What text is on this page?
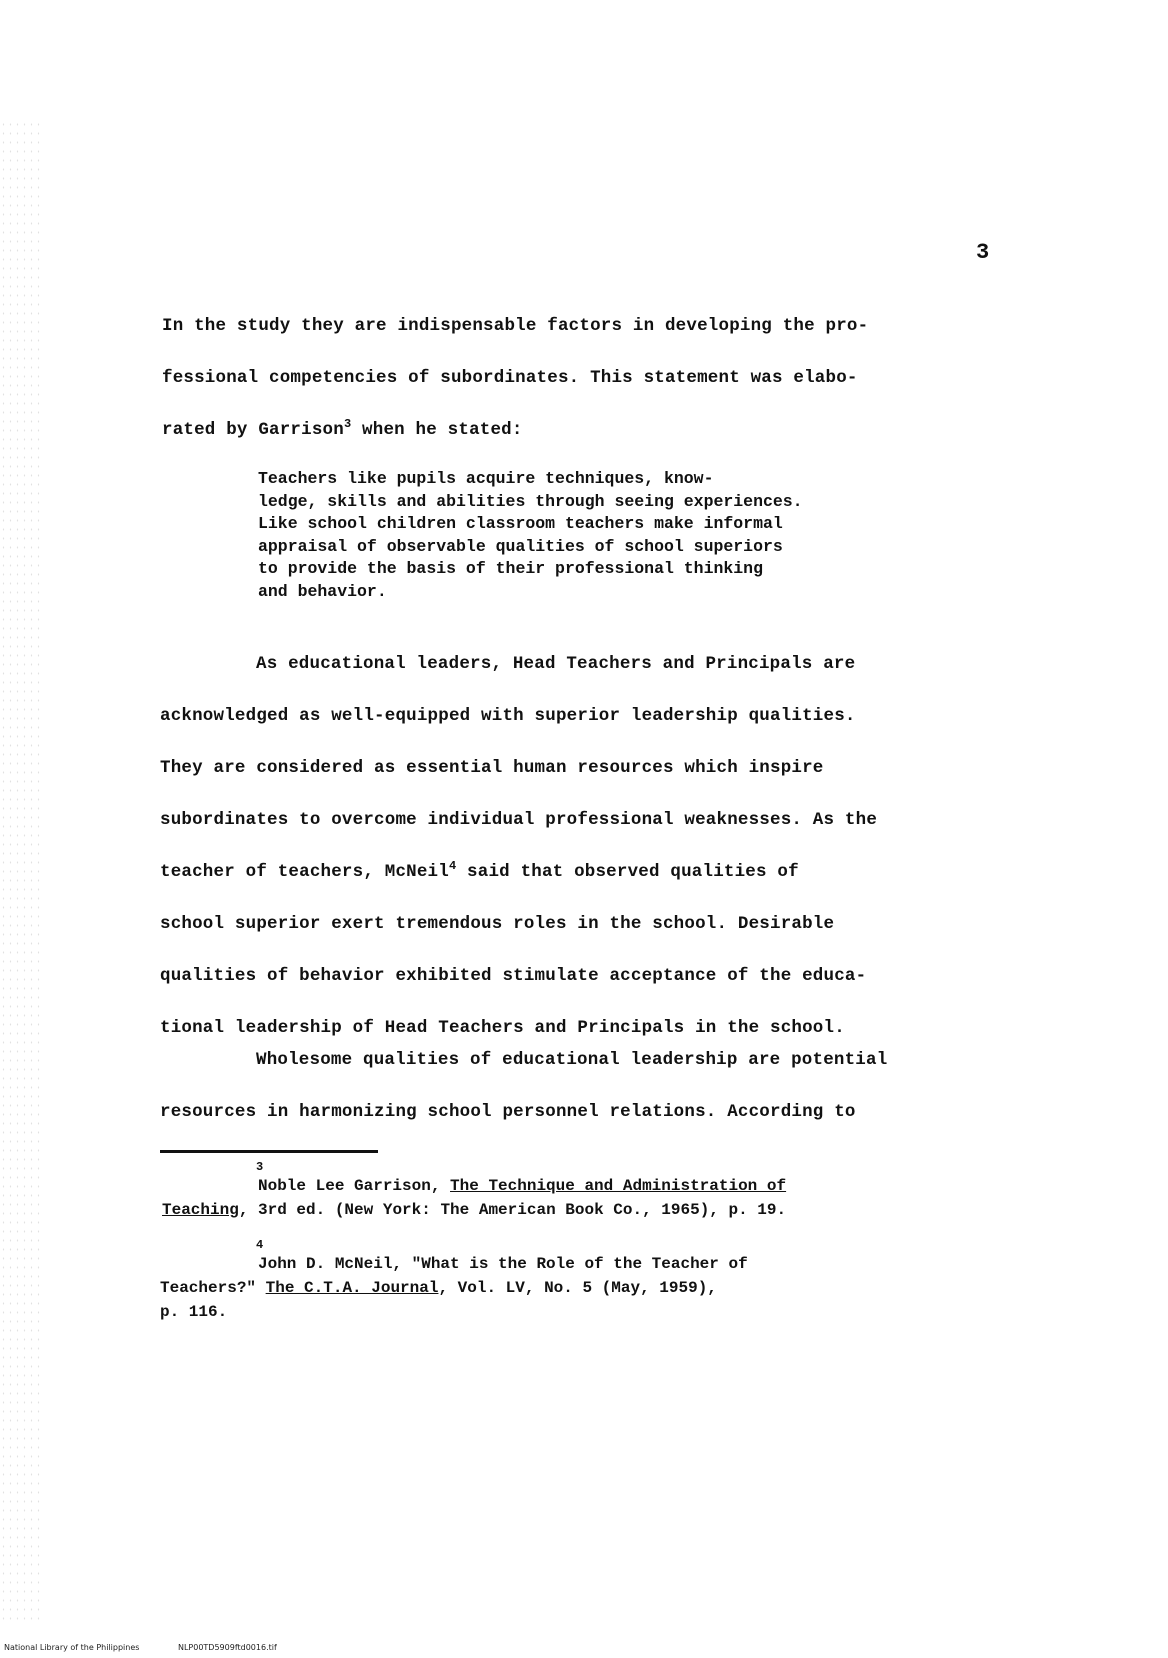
3
In the study they are indispensable factors in developing the pro-
fessional competencies of subordinates. This statement was elabo-
rated by Garrison$^3$ when he stated:
Teachers like pupils acquire techniques, know-
ledge, skills and abilities through seeing experiences.
Like school children classroom teachers make informal
appraisal of observable qualities of school superiors
to provide the basis of their professional thinking
and behavior.
As educational leaders, Head Teachers and Principals are
acknowledged as well-equipped with superior leadership qualities.
They are considered as essential human resources which inspire
subordinates to overcome individual professional weaknesses. As the
teacher of teachers, McNeil$^4$ said that observed qualities of
school superior exert tremendous roles in the school. Desirable
qualities of behavior exhibited stimulate acceptance of the educa-
tional leadership of Head Teachers and Principals in the school.
Wholesome qualities of educational leadership are potential
resources in harmonizing school personnel relations. According to
3
Noble Lee Garrison, The Technique and Administration of
Teaching, 3rd ed. (New York: The American Book Co., 1965), p. 19.
4
John D. McNeil, "What is the Role of the Teacher of
Teachers?" The C.T.A. Journal, Vol. LV, No. 5 (May, 1959),
p. 116.
National Library of the Philippines	NLP00TD5909ftd0016.tif
